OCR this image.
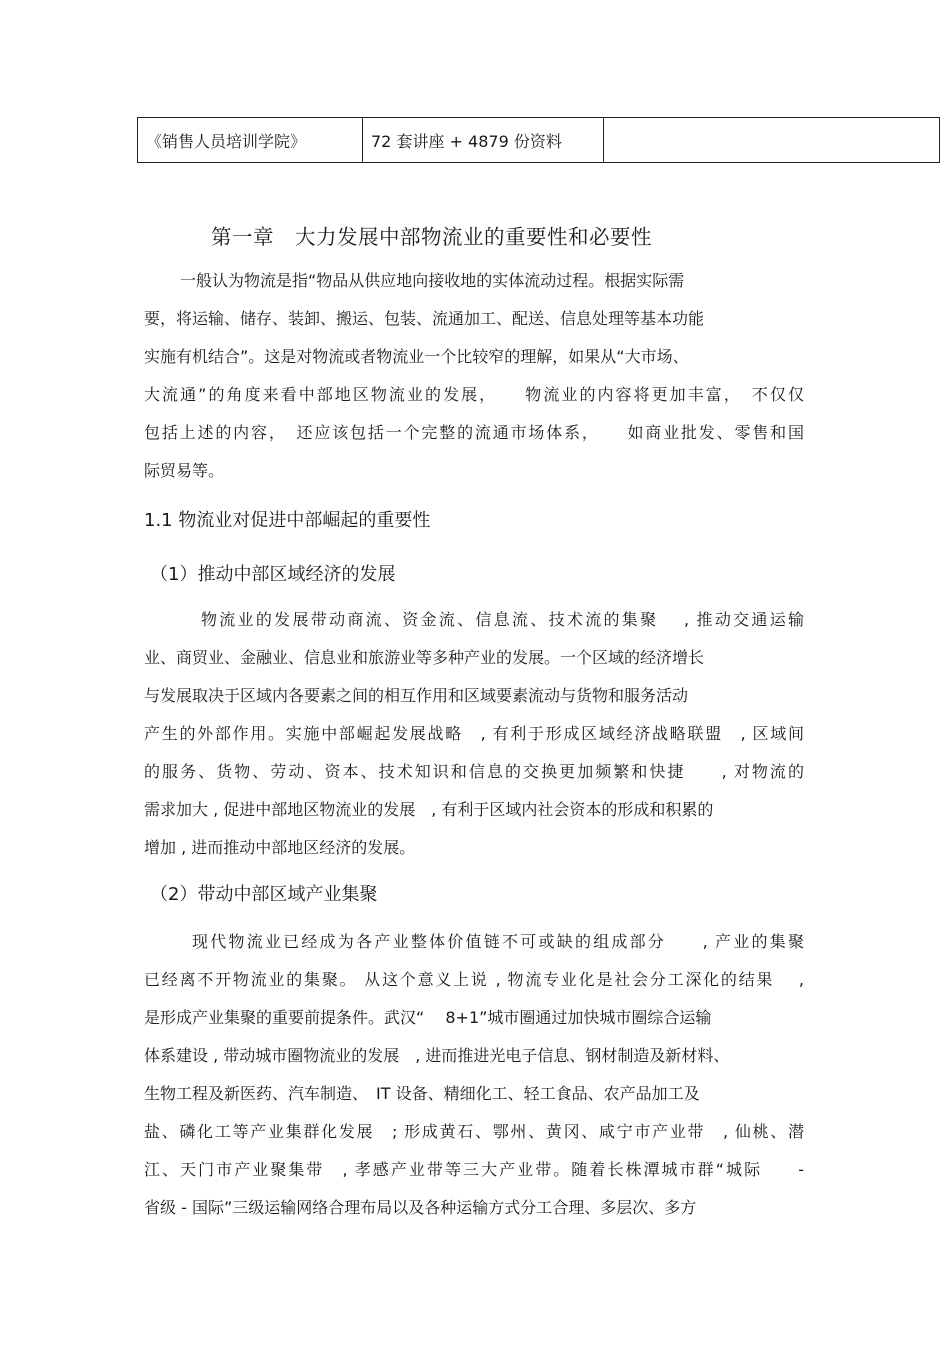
《销售人员培训学院》	72 套讲座 + 4879 份资料	
第一章　大力发展中部物流业的重要性和必要性
一般认为物流是指“物品从供应地向接收地的实体流动过程。根据实际需
要，将运输、储存、装卸、搬运、包装、流通加工、配送、信息处理等基本功能
实施有机结合”。这是对物流或者物流业一个比较窄的理解，如果从“大市场、
大流通”的角度来看中部地区物流业的发展，　　物流业的内容将更加丰富，　不仅仅
包括上述的内容，　还应该包括一个完整的流通市场体系，　　如商业批发、零售和国
际贸易等。
1.1 物流业对促进中部崛起的重要性
（1）推动中部区域经济的发展
物流业的发展带动商流、资金流、信息流、技术流的集聚　 , 推动交通运输
业、商贸业、金融业、信息业和旅游业等多种产业的发展。一个区域的经济增长
与发展取决于区域内各要素之间的相互作用和区域要素流动与货物和服务活动
产生的外部作用。实施中部崛起发展战略　, 有利于形成区域经济战略联盟　, 区域间
的服务、货物、劳动、资本、技术知识和信息的交换更加频繁和快捷　　, 对物流的
需求加大 , 促进中部地区物流业的发展　, 有利于区域内社会资本的形成和积累的
增加 , 进而推动中部地区经济的发展。
（2）带动中部区域产业集聚
现代物流业已经成为各产业整体价值链不可或缺的组成部分　　, 产业的集聚
已经离不开物流业的集聚。 从这个意义上说 , 物流专业化是社会分工深化的结果　 ,
是形成产业集聚的重要前提条件。武汉“　 8+1”城市圈通过加快城市圈综合运输
体系建设 , 带动城市圈物流业的发展　, 进而推进光电子信息、钢材制造及新材料、
生物工程及新医药、汽车制造、　IT 设备、精细化工、轻工食品、农产品加工及
盐、磷化工等产业集群化发展　; 形成黄石、鄂州、黄冈、咸宁市产业带　, 仙桃、潜
江、天门市产业聚集带　, 孝感产业带等三大产业带。随着长株潭城市群“城际　　-
省级 - 国际”三级运输网络合理布局以及各种运输方式分工合理、多层次、多方
